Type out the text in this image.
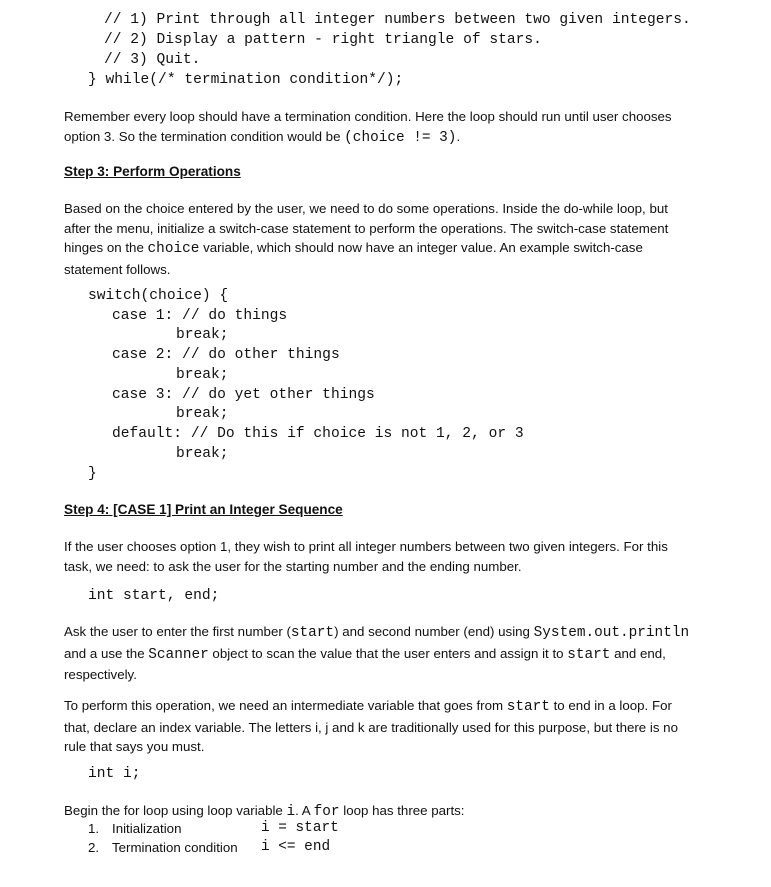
// 1) Print through all integer numbers between two given integers.
// 2) Display a pattern - right triangle of stars.
// 3) Quit.
} while(/* termination condition*/);
Remember every loop should have a termination condition. Here the loop should run until user chooses
option 3. So the termination condition would be (choice != 3).
Step 3: Perform Operations
Based on the choice entered by the user, we need to do some operations. Inside the do-while loop, but
after the menu, initialize a switch-case statement to perform the operations. The switch-case statement
hinges on the choice variable, which should now have an integer value. An example switch-case
statement follows.
switch(choice) {
case 1: // do things
break;
case 2: // do other things
break;
case 3: // do yet other things
break;
default: // Do this if choice is not 1, 2, or 3
break;
}
Step 4: [CASE 1] Print an Integer Sequence
If the user chooses option 1, they wish to print all integer numbers between two given integers. For this
task, we need: to ask the user for the starting number and the ending number.
int start, end;
Ask the user to enter the first number (start) and second number (end) using System.out.println
and a use the Scanner object to scan the value that the user enters and assign it to start and end,
respectively.
To perform this operation, we need an intermediate variable that goes from start to end in a loop. For
that, declare an index variable. The letters i, j and k are traditionally used for this purpose, but there is no
rule that says you must.
int i;
Begin the for loop using loop variable i. A for loop has three parts:
1. Initialization	i = start
2. Termination condition i <= end
